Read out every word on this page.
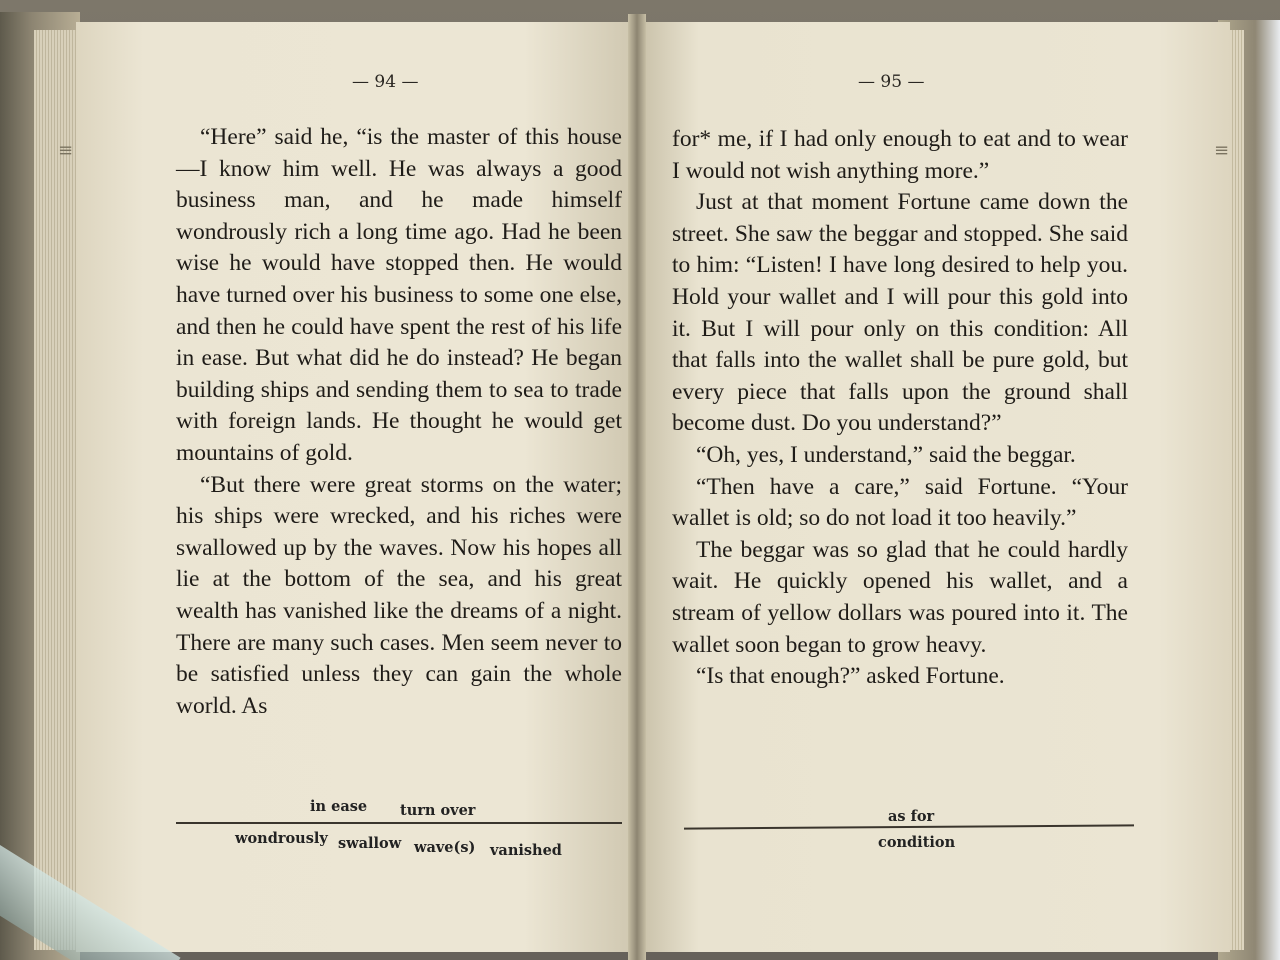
≡	≡
— 94 —

“Here” said he, “is the master of this house—I know him well. He was always a good business man, and he made himself wondrously rich a long time ago. Had he been wise he would have stopped then. He would have turned over his business to some one else, and then he could have spent the rest of his life in ease. But what did he do instead? He began building ships and sending them to sea to trade with foreign lands. He thought he would get mountains of gold.

“But there were great storms on the water; his ships were wrecked, and his riches were swallowed up by the waves. Now his hopes all lie at the bottom of the sea, and his great wealth has vanished like the dreams of a night. There are many such cases. Men seem never to be satisfied unless they can gain the whole world. As

in ease turn over
wondrously swallow wave(s) vanished
— 95 —

for* me, if I had only enough to eat and to wear I would not wish anything more.”

Just at that moment Fortune came down the street. She saw the beggar and stopped. She said to him: “Listen! I have long desired to help you. Hold your wallet and I will pour this gold into it. But I will pour only on this condition: All that falls into the wallet shall be pure gold, but every piece that falls upon the ground shall become dust. Do you understand?”

“Oh, yes, I understand,” said the beggar.

“Then have a care,” said Fortune. “Your wallet is old; so do not load it too heavily.”

The beggar was so glad that he could hardly wait. He quickly opened his wallet, and a stream of yellow dollars was poured into it. The wallet soon began to grow heavy.

“Is that enough?” asked Fortune.

as for
condition
